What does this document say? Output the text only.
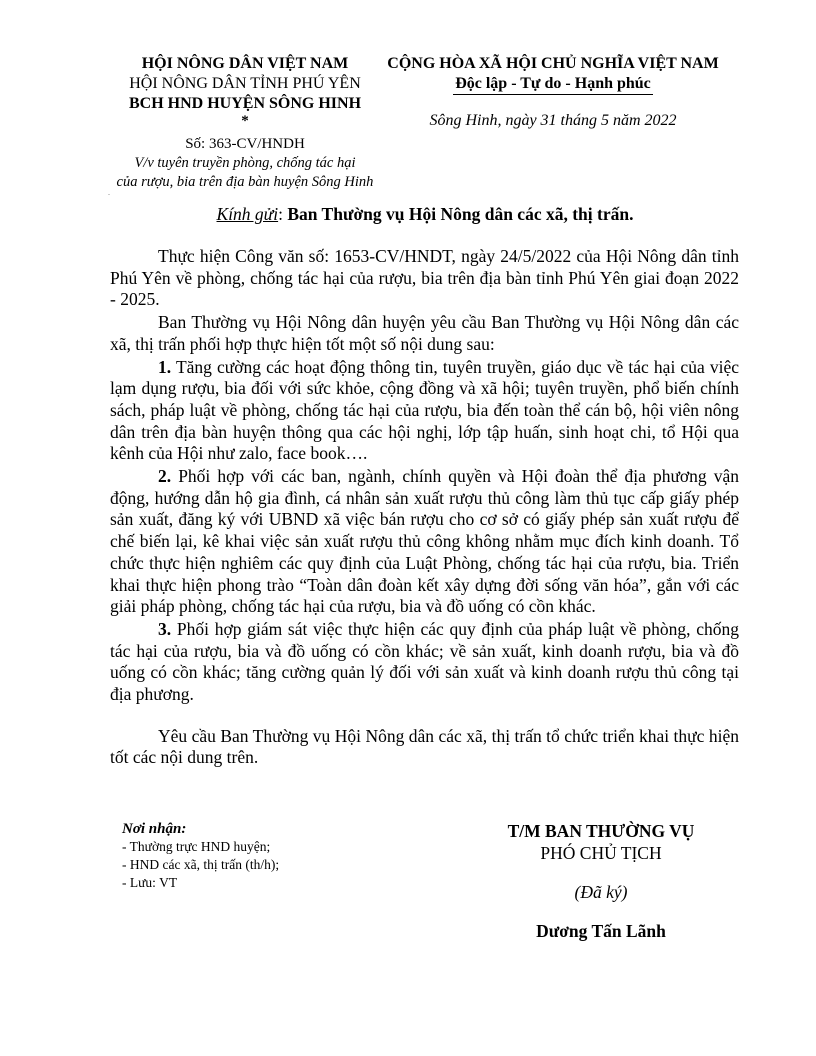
HỘI NÔNG DÂN VIỆT NAM
HỘI NÔNG DÂN TỈNH PHÚ YÊN
BCH HND HUYỆN SÔNG HINH
*
Số: 363-CV/HNDH
V/v tuyên truyền phòng, chống tác hại
của rượu, bia trên địa bàn huyện Sông Hinh
CỘNG HÒA XÃ HỘI CHỦ NGHĨA VIỆT NAM
Độc lập - Tự do - Hạnh phúc
Sông Hinh, ngày 31 tháng 5 năm 2022
Kính gửi: Ban Thường vụ Hội Nông dân các xã, thị trấn.

Thực hiện Công văn số: 1653-CV/HNDT, ngày 24/5/2022 của Hội Nông dân tỉnh Phú Yên về phòng, chống tác hại của rượu, bia trên địa bàn tỉnh Phú Yên giai đoạn 2022 - 2025.

Ban Thường vụ Hội Nông dân huyện yêu cầu Ban Thường vụ Hội Nông dân các xã, thị trấn phối hợp thực hiện tốt một số nội dung sau:

1. Tăng cường các hoạt động thông tin, tuyên truyền, giáo dục về tác hại của việc lạm dụng rượu, bia đối với sức khỏe, cộng đồng và xã hội; tuyên truyền, phổ biến chính sách, pháp luật về phòng, chống tác hại của rượu, bia đến toàn thể cán bộ, hội viên nông dân trên địa bàn huyện thông qua các hội nghị, lớp tập huấn, sinh hoạt chi, tổ Hội qua kênh của Hội như zalo, face book….

2. Phối hợp với các ban, ngành, chính quyền và Hội đoàn thể địa phương vận động, hướng dẫn hộ gia đình, cá nhân sản xuất rượu thủ công làm thủ tục cấp giấy phép sản xuất, đăng ký với UBND xã việc bán rượu cho cơ sở có giấy phép sản xuất rượu để chế biến lại, kê khai việc sản xuất rượu thủ công không nhằm mục đích kinh doanh. Tổ chức thực hiện nghiêm các quy định của Luật Phòng, chống tác hại của rượu, bia. Triển khai thực hiện phong trào “Toàn dân đoàn kết xây dựng đời sống văn hóa”, gắn với các giải pháp phòng, chống tác hại của rượu, bia và đồ uống có cồn khác.

3. Phối hợp giám sát việc thực hiện các quy định của pháp luật về phòng, chống tác hại của rượu, bia và đồ uống có cồn khác; về sản xuất, kinh doanh rượu, bia và đồ uống có cồn khác; tăng cường quản lý đối với sản xuất và kinh doanh rượu thủ công tại địa phương.

Yêu cầu Ban Thường vụ Hội Nông dân các xã, thị trấn tổ chức triển khai thực hiện tốt các nội dung trên.

Nơi nhận:
- Thường trực HND huyện;
- HND các xã, thị trấn (th/h);
- Lưu: VT
T/M BAN THƯỜNG VỤ
PHÓ CHỦ TỊCH
(Đã ký)
Dương Tấn Lãnh
